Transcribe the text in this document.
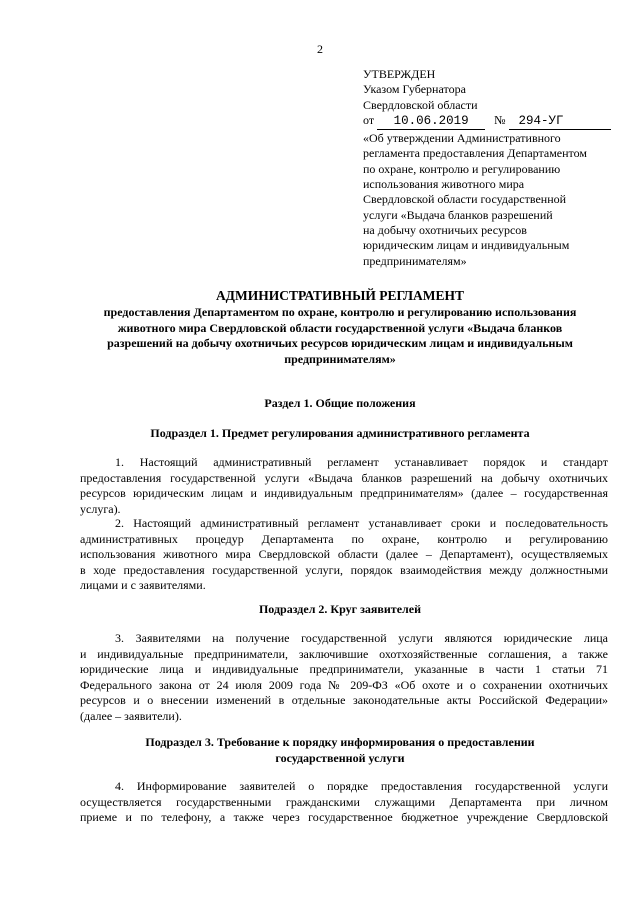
2
УТВЕРЖДЕН
Указом Губернатора
Свердловской области
от 10.06.2019 № 294-УГ
«Об утверждении Административного
регламента предоставления Департаментом
по охране, контролю и регулированию
использования животного мира
Свердловской области государственной
услуги «Выдача бланков разрешений
на добычу охотничьих ресурсов
юридическим лицам и индивидуальным
предпринимателям»
АДМИНИСТРАТИВНЫЙ РЕГЛАМЕНТ
предоставления Департаментом по охране, контролю и регулированию использования
животного мира Свердловской области государственной услуги «Выдача бланков
разрешений на добычу охотничьих ресурсов юридическим лицам и индивидуальным
предпринимателям»
Раздел 1. Общие положения
Подраздел 1. Предмет регулирования административного регламента
1. Настоящий административный регламент устанавливает порядок и стандарт
предоставления государственной услуги «Выдача бланков разрешений на добычу охотничьих
ресурсов юридическим лицам и индивидуальным предпринимателям» (далее – государственная
услуга).
2. Настоящий административный регламент устанавливает сроки и последовательность
административных процедур Департамента по охране, контролю и регулированию
использования животного мира Свердловской области (далее – Департамент), осуществляемых
в ходе предоставления государственной услуги, порядок взаимодействия между должностными
лицами и с заявителями.
Подраздел 2. Круг заявителей
3. Заявителями на получение государственной услуги являются юридические лица
и индивидуальные предприниматели, заключившие охотхозяйственные соглашения, а также
юридические лица и индивидуальные предприниматели, указанные в части 1 статьи 71
Федерального закона от 24 июля 2009 года № 209-ФЗ «Об охоте и о сохранении охотничьих
ресурсов и о внесении изменений в отдельные законодательные акты Российской Федерации»
(далее – заявители).
Подраздел 3. Требование к порядку информирования о предоставлении
государственной услуги
4. Информирование заявителей о порядке предоставления государственной услуги
осуществляется государственными гражданскими служащими Департамента при личном
приеме и по телефону, а также через государственное бюджетное учреждение Свердловской
